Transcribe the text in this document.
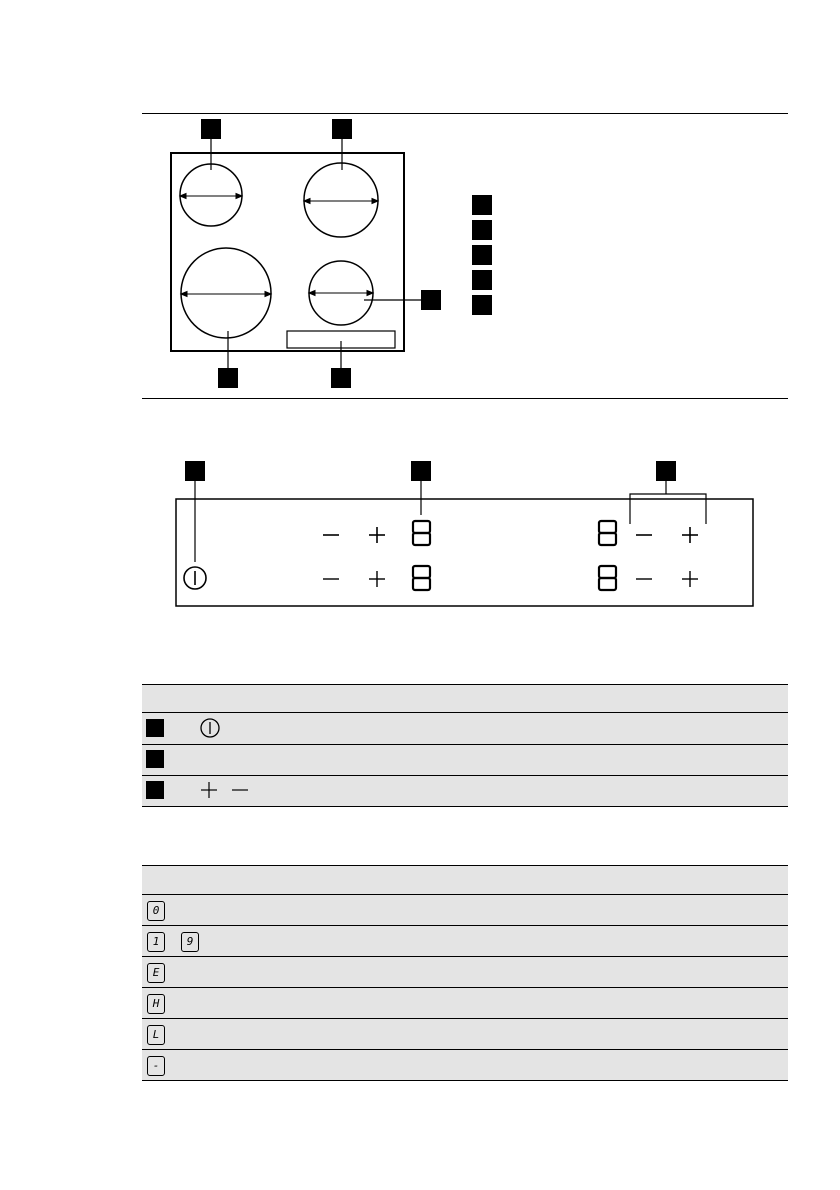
0
1	9
E
H
L
-
